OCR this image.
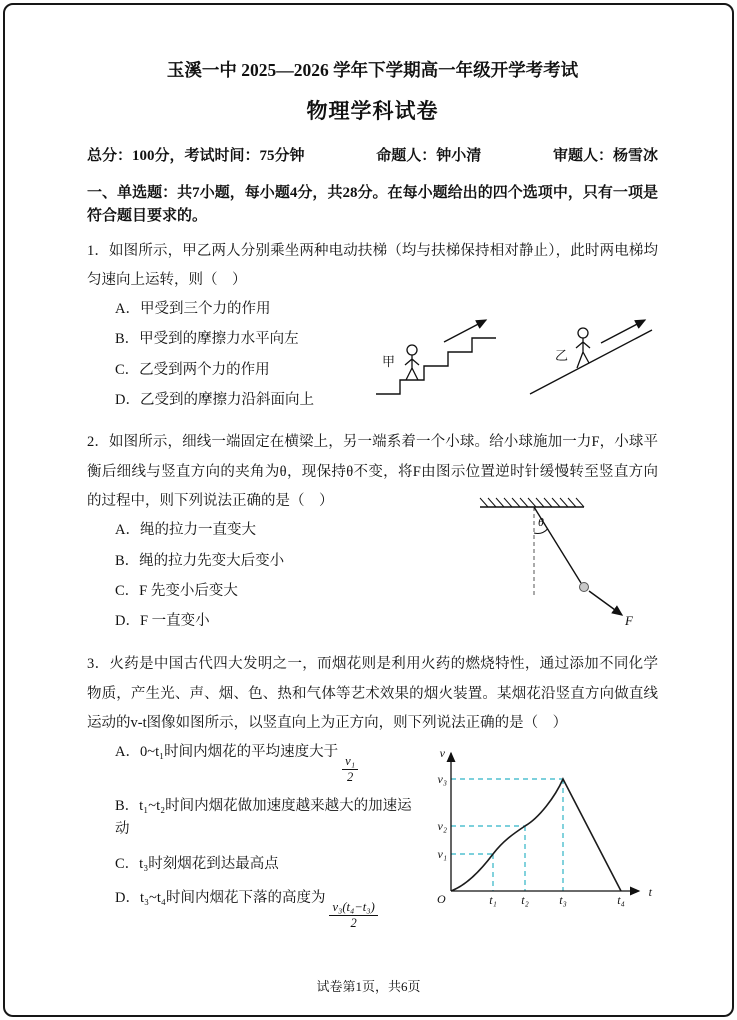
玉溪一中 2025—2026 学年下学期高一年级开学考考试
物理学科试卷
总分：100分，考试时间：75分钟	命题人：钟小清	审题人：杨雪冰

一、单选题：共7小题，每小题4分，共28分。在每小题给出的四个选项中，只有一项是符合题目要求的。

1．如图所示，甲乙两人分别乘坐两种电动扶梯（均与扶梯保持相对静止），此时两电梯均匀速向上运转，则（　）

A．甲受到三个力的作用

B．甲受到的摩擦力水平向左

C．乙受到两个力的作用

D．乙受到的摩擦力沿斜面向上

甲	乙

2．如图所示，细线一端固定在横梁上，另一端系着一个小球。给小球施加一力F，小球平衡后细线与竖直方向的夹角为θ，现保持θ不变，将F由图示位置逆时针缓慢转至竖直方向的过程中，则下列说法正确的是（　）

A．绳的拉力一直变大

B．绳的拉力先变大后变小

C．F 先变小后变大

D．F 一直变小

θ
F

3．火药是中国古代四大发明之一，而烟花则是利用火药的燃烧特性，通过添加不同化学物质，产生光、声、烟、色、热和气体等艺术效果的烟火装置。某烟花沿竖直方向做直线运动的v-t图像如图所示，以竖直向上为正方向，则下列说法正确的是（　）

A．0~t₁时间内烟花的平均速度大于
$\frac{\text{v₁}}{2}$

B．t₁~t₂时间内烟花做加速度越来越大的加速运动

C．t₃时刻烟花到达最高点

D．t₃~t₄时间内烟花下落的高度为
$\frac{\text{v₃(t₄−t₃)}}{2}$

v
t
O
v₃
v₂
v₁
t₁ t₂	t₃	t₄
试卷第1页，共6页
